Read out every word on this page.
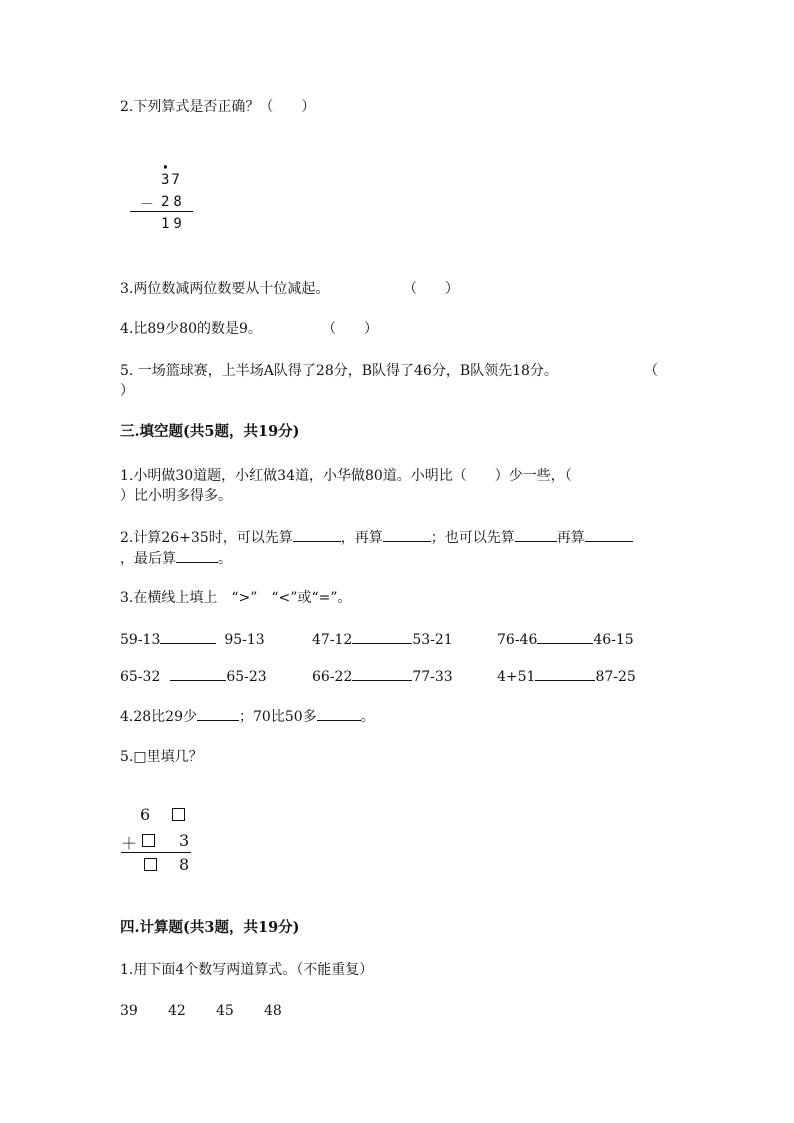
2.下列算式是否正确？（　　）
·
37
－ 28
19
3.两位数减两位数要从十位减起。	（　　）
4.比89少80的数是9。	（　　）
5. 一场篮球赛，上半场A队得了28分，B队得了46分，B队领先18分。	（
）
三.填空题(共5题，共19分)
1.小明做30道题，小红做34道，小华做80道。小明比（　　）少一些，（
）比小明多得多。
2.计算26+35时，可以先算	，再算	；也可以先算	再算
，最后算	。
3.在横线上填上　“>”　“<”或“=”。
59-13	95-13	47-12	53-21	76-46	46-15
65-32	65-23	66-22	77-33	4+51	87-25
4.28比29少	；70比50多	。
5.□里填几？
6
＋	3
8
四.计算题(共3题，共19分)
1.用下面4个数写两道算式。（不能重复）
39 42 45 48
